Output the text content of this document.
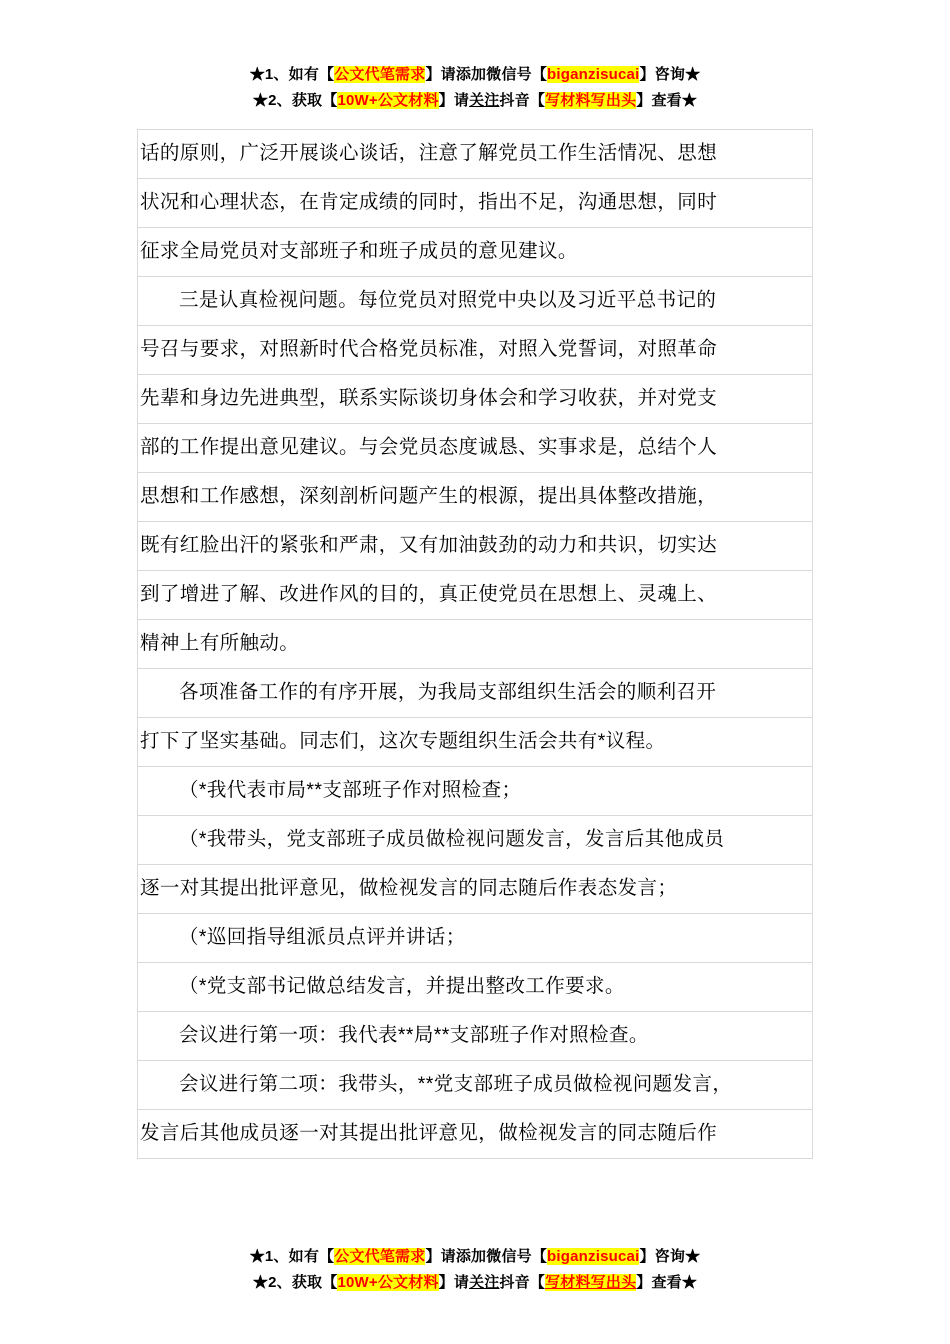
★1、如有【公文代笔需求】请添加微信号【biganzisucai】咨询★
★2、获取【10W+公文材料】请关注抖音【写材料写出头】查看★

话的原则，广泛开展谈心谈话，注意了解党员工作生活情况、思想

状况和心理状态，在肯定成绩的同时，指出不足，沟通思想，同时

征求全局党员对支部班子和班子成员的意见建议。

三是认真检视问题。每位党员对照党中央以及习近平总书记的

号召与要求，对照新时代合格党员标准，对照入党誓词，对照革命

先辈和身边先进典型，联系实际谈切身体会和学习收获，并对党支

部的工作提出意见建议。与会党员态度诚恳、实事求是，总结个人

思想和工作感想，深刻剖析问题产生的根源，提出具体整改措施，

既有红脸出汗的紧张和严肃，又有加油鼓劲的动力和共识，切实达

到了增进了解、改进作风的目的，真正使党员在思想上、灵魂上、

精神上有所触动。

各项准备工作的有序开展，为我局支部组织生活会的顺利召开

打下了坚实基础。同志们，这次专题组织生活会共有*议程。

（*我代表市局**支部班子作对照检查；

（*我带头，党支部班子成员做检视问题发言，发言后其他成员

逐一对其提出批评意见，做检视发言的同志随后作表态发言；

（*巡回指导组派员点评并讲话；

（*党支部书记做总结发言，并提出整改工作要求。

会议进行第一项：我代表**局**支部班子作对照检查。

会议进行第二项：我带头，**党支部班子成员做检视问题发言，

发言后其他成员逐一对其提出批评意见，做检视发言的同志随后作

★1、如有【公文代笔需求】请添加微信号【biganzisucai】咨询★
★2、获取【10W+公文材料】请关注抖音【写材料写出头】查看★
